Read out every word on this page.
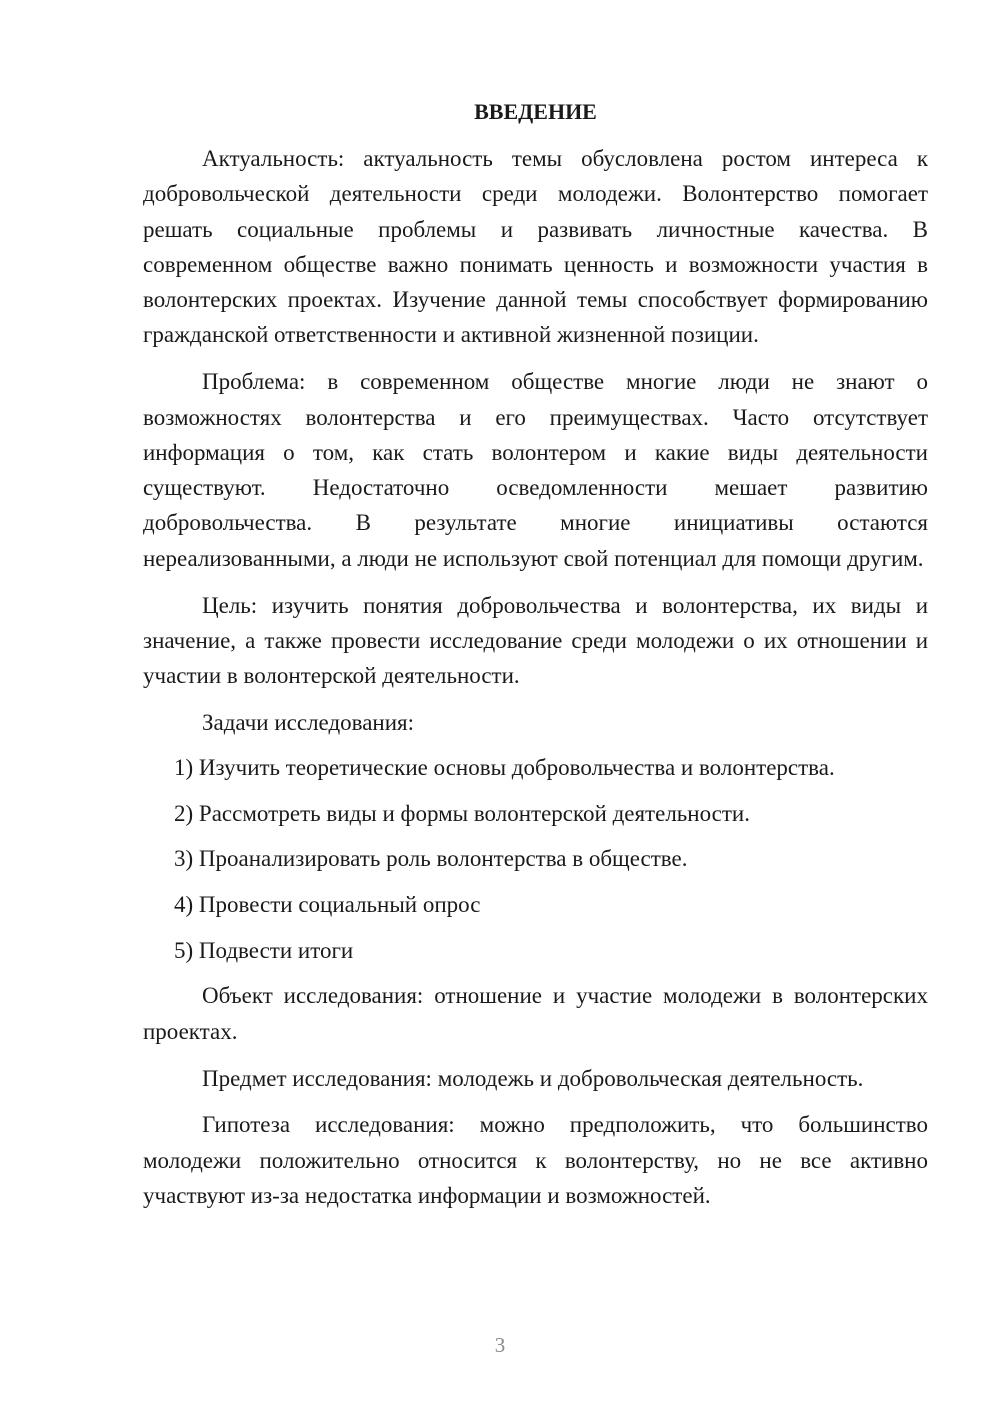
ВВЕДЕНИЕ

Актуальность: актуальность темы обусловлена ростом интереса к добровольческой деятельности среди молодежи. Волонтерство помогает решать социальные проблемы и развивать личностные качества. В современном обществе важно понимать ценность и возможности участия в волонтерских проектах. Изучение данной темы способствует формированию гражданской ответственности и активной жизненной позиции.

Проблема: в современном обществе многие люди не знают о возможностях волонтерства и его преимуществах. Часто отсутствует информация о том, как стать волонтером и какие виды деятельности существуют. Недостаточно осведомленности мешает развитию добровольчества. В результате многие инициативы остаются нереализованными, а люди не используют свой потенциал для помощи другим.

Цель: изучить понятия добровольчества и волонтерства, их виды и значение, а также провести исследование среди молодежи о их отношении и участии в волонтерской деятельности.

Задачи исследования:

1) Изучить теоретические основы добровольчества и волонтерства.
2) Рассмотреть виды и формы волонтерской деятельности.
3) Проанализировать роль волонтерства в обществе.
4) Провести социальный опрос
5) Подвести итоги

Объект исследования: отношение и участие молодежи в волонтерских проектах.

Предмет исследования: молодежь и добровольческая деятельность.

Гипотеза исследования: можно предположить, что большинство молодежи положительно относится к волонтерству, но не все активно участвуют из-за недостатка информации и возможностей.

3
